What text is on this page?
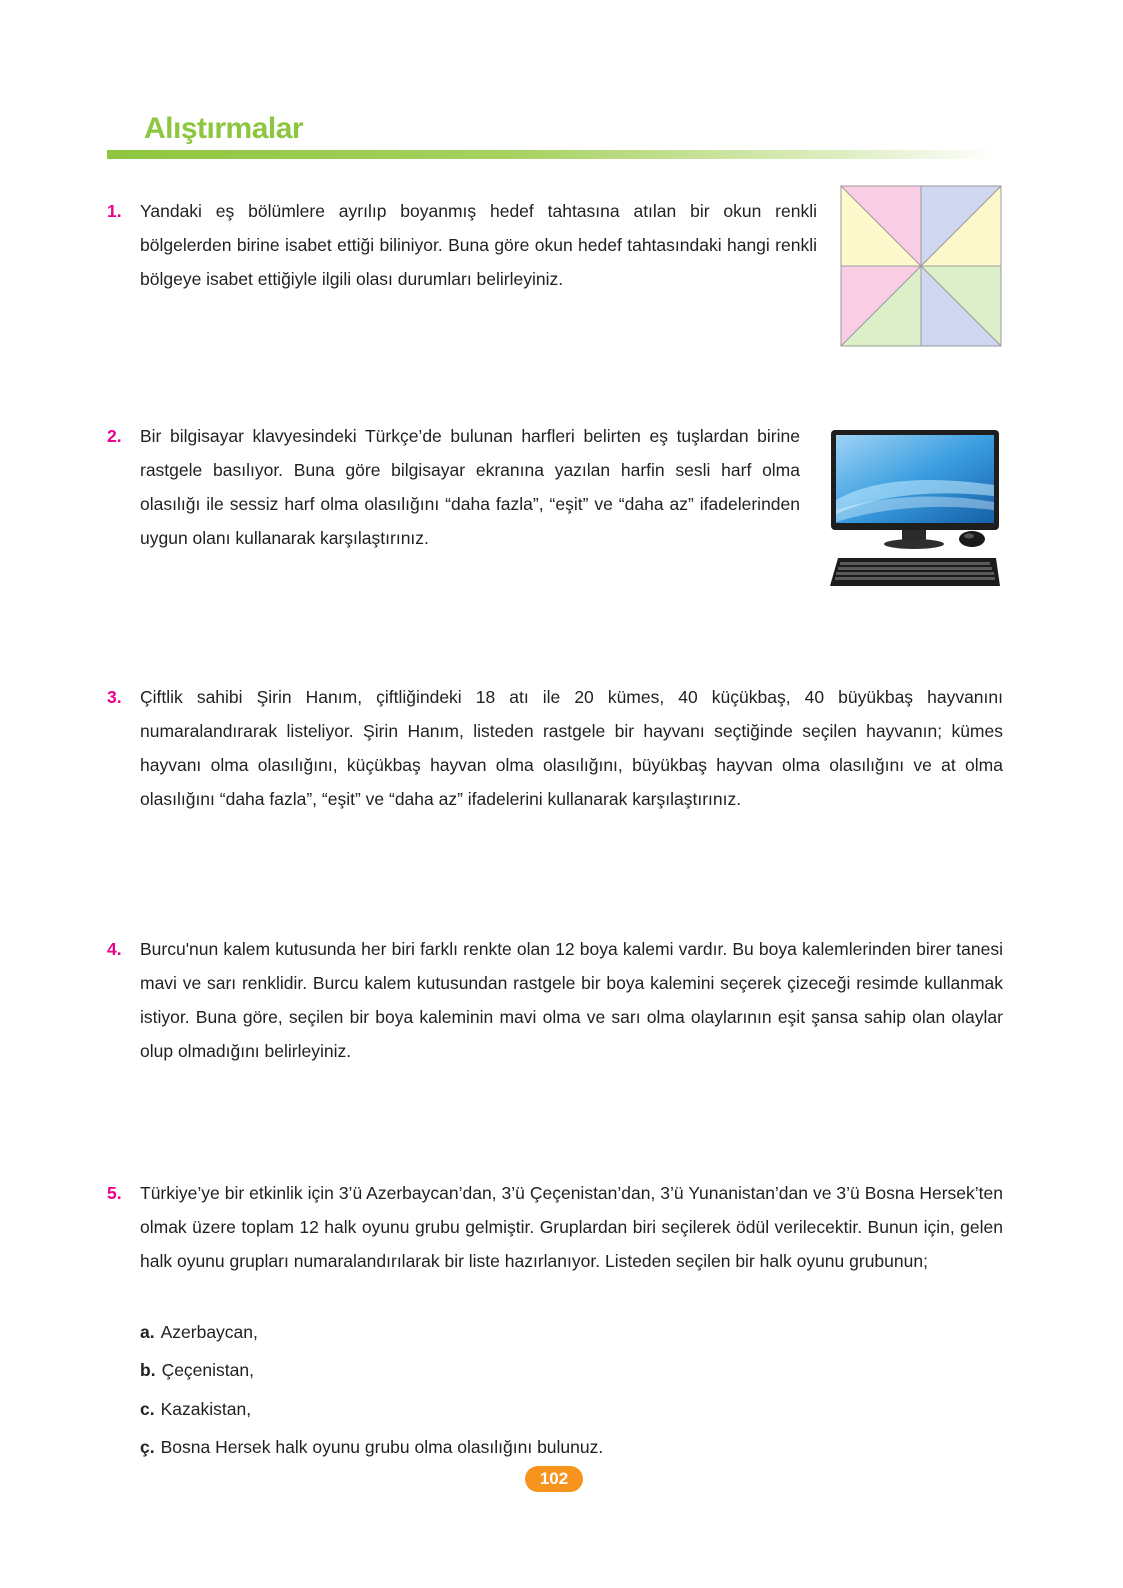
Alıştırmalar
1. Yandaki eş bölümlere ayrılıp boyanmış hedef tahtasına atılan bir okun renkli bölgelerden birine isabet ettiği biliniyor. Buna göre okun hedef tahtasındaki hangi renkli bölgeye isabet ettiğiyle ilgili olası durumları belirleyiniz.
2. Bir bilgisayar klavyesindeki Türkçe’de bulunan harfleri belirten eş tuşlardan birine rastgele basılıyor. Buna göre bilgisayar ekranına yazılan harfin sesli harf olma olasılığı ile sessiz harf olma olasılığını “daha fazla”, “eşit” ve “daha az” ifadelerinden uygun olanı kullanarak karşılaştırınız.
3. Çiftlik sahibi Şirin Hanım, çiftliğindeki 18 atı ile 20 kümes, 40 küçükbaş, 40 büyükbaş hayvanını numaralandırarak listeliyor. Şirin Hanım, listeden rastgele bir hayvanı seçtiğinde seçilen hayvanın; kümes hayvanı olma olasılığını, küçükbaş hayvan olma olasılığını, büyükbaş hayvan olma olasılığını ve at olma olasılığını “daha fazla”, “eşit” ve “daha az” ifadelerini kullanarak karşılaştırınız.
4. Burcu'nun kalem kutusunda her biri farklı renkte olan 12 boya kalemi vardır. Bu boya kalemlerinden birer tanesi mavi ve sarı renklidir. Burcu kalem kutusundan rastgele bir boya kalemini seçerek çizeceği resimde kullanmak istiyor. Buna göre, seçilen bir boya kaleminin mavi olma ve sarı olma olaylarının eşit şansa sahip olan olaylar olup olmadığını belirleyiniz.
5. Türkiye’ye bir etkinlik için 3’ü Azerbaycan’dan, 3’ü Çeçenistan’dan, 3’ü Yunanistan’dan ve 3’ü Bosna Hersek’ten olmak üzere toplam 12 halk oyunu grubu gelmiştir. Gruplardan biri seçilerek ödül verilecektir. Bunun için, gelen halk oyunu grupları numaralandırılarak bir liste hazırlanıyor. Listeden seçilen bir halk oyunu grubunun;
a. Azerbaycan,
b. Çeçenistan,
c. Kazakistan,
ç. Bosna Hersek halk oyunu grubu olma olasılığını bulunuz.
102
